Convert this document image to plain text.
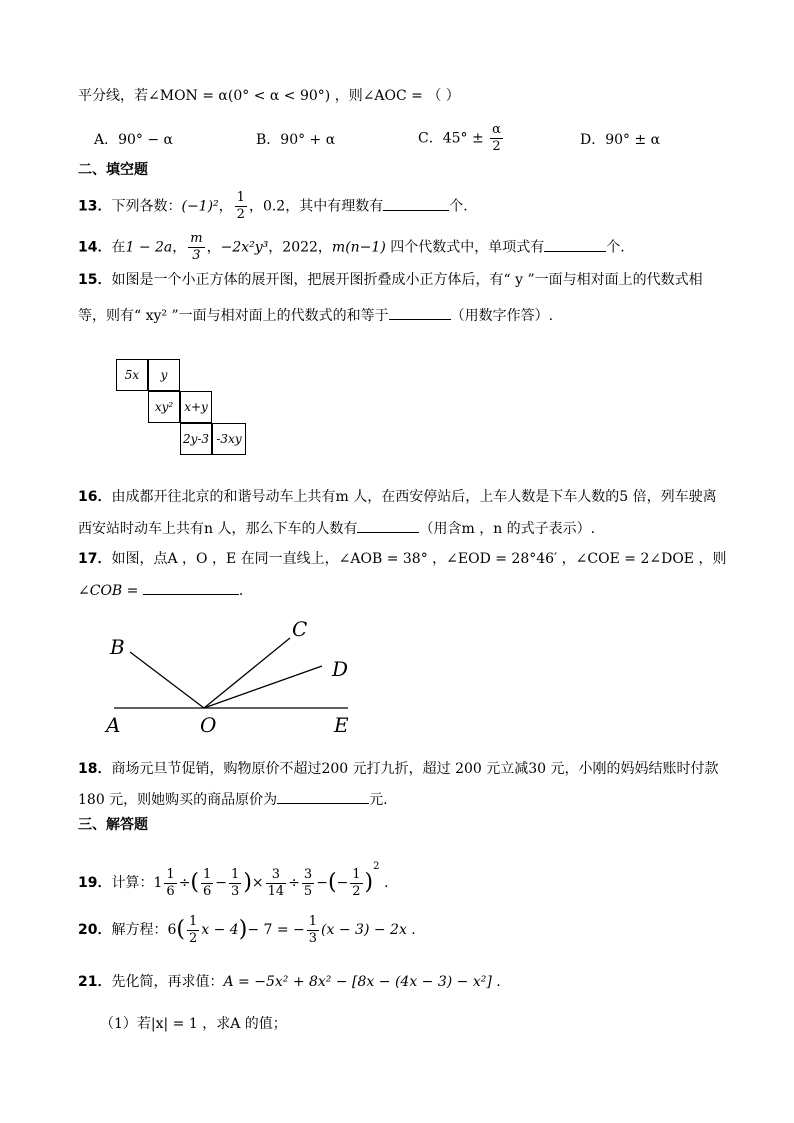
平分线，若∠MON = α(0° < α < 90°) ，则∠AOC = （ ）
A．90° − α	B．90° + α	C．$45^\circ \pm \frac{\alpha}{2}$	D．90° ± α
二、填空题
13．下列各数：(−1)²， $\frac{1}{2}$ ，0.2̇，其中有理数有	个.
14．在1 − 2a， $\frac{m}{3}$ ，−2x²y³，2022，m(n−1) 四个代数式中，单项式有	个.
15．如图是一个小正方体的展开图，把展开图折叠成小正方体后，有“ y ”一面与相对面上的代数式相
等，则有“ xy² ”一面与相对面上的代数式的和等于	（用数字作答）.
5x	y
xy² x+y
2y-3 -3xy
16．由成都开往北京的和谐号动车上共有m 人，在西安停站后，上车人数是下车人数的5 倍，列车驶离
西安站时动车上共有n 人，那么下车的人数有	（用含m ，n 的式子表示）.
17．如图，点A ，O ，E 在同一直线上，∠AOB = 38° ，∠EOD = 28°46′ ，∠COE = 2∠DOE ，则
∠COB =	.
B
C
D
A	O	E
18．商场元旦节促销，购物原价不超过200 元打九折，超过 200 元立减30 元，小刚的妈妈结账时付款
180 元，则她购买的商品原价为	元.
三、解答题
19．计算：$1 \frac{1}{6}$ ÷( $\frac{1}{6} - \frac{1}{3}$ )× $\frac{3}{14} \div \frac{3}{5}$ −(− $\frac{1}{2} )^2$ .
20．解方程：$6( \frac{1}{2}$ x − 4)− 7 = − $\frac{1}{3} (x - 3) - 2x$ .
21．先化简，再求值：A = −5x² + 8x² − [8x − (4x − 3) − x²] .
（1）若|x| = 1 ，求A 的值；
